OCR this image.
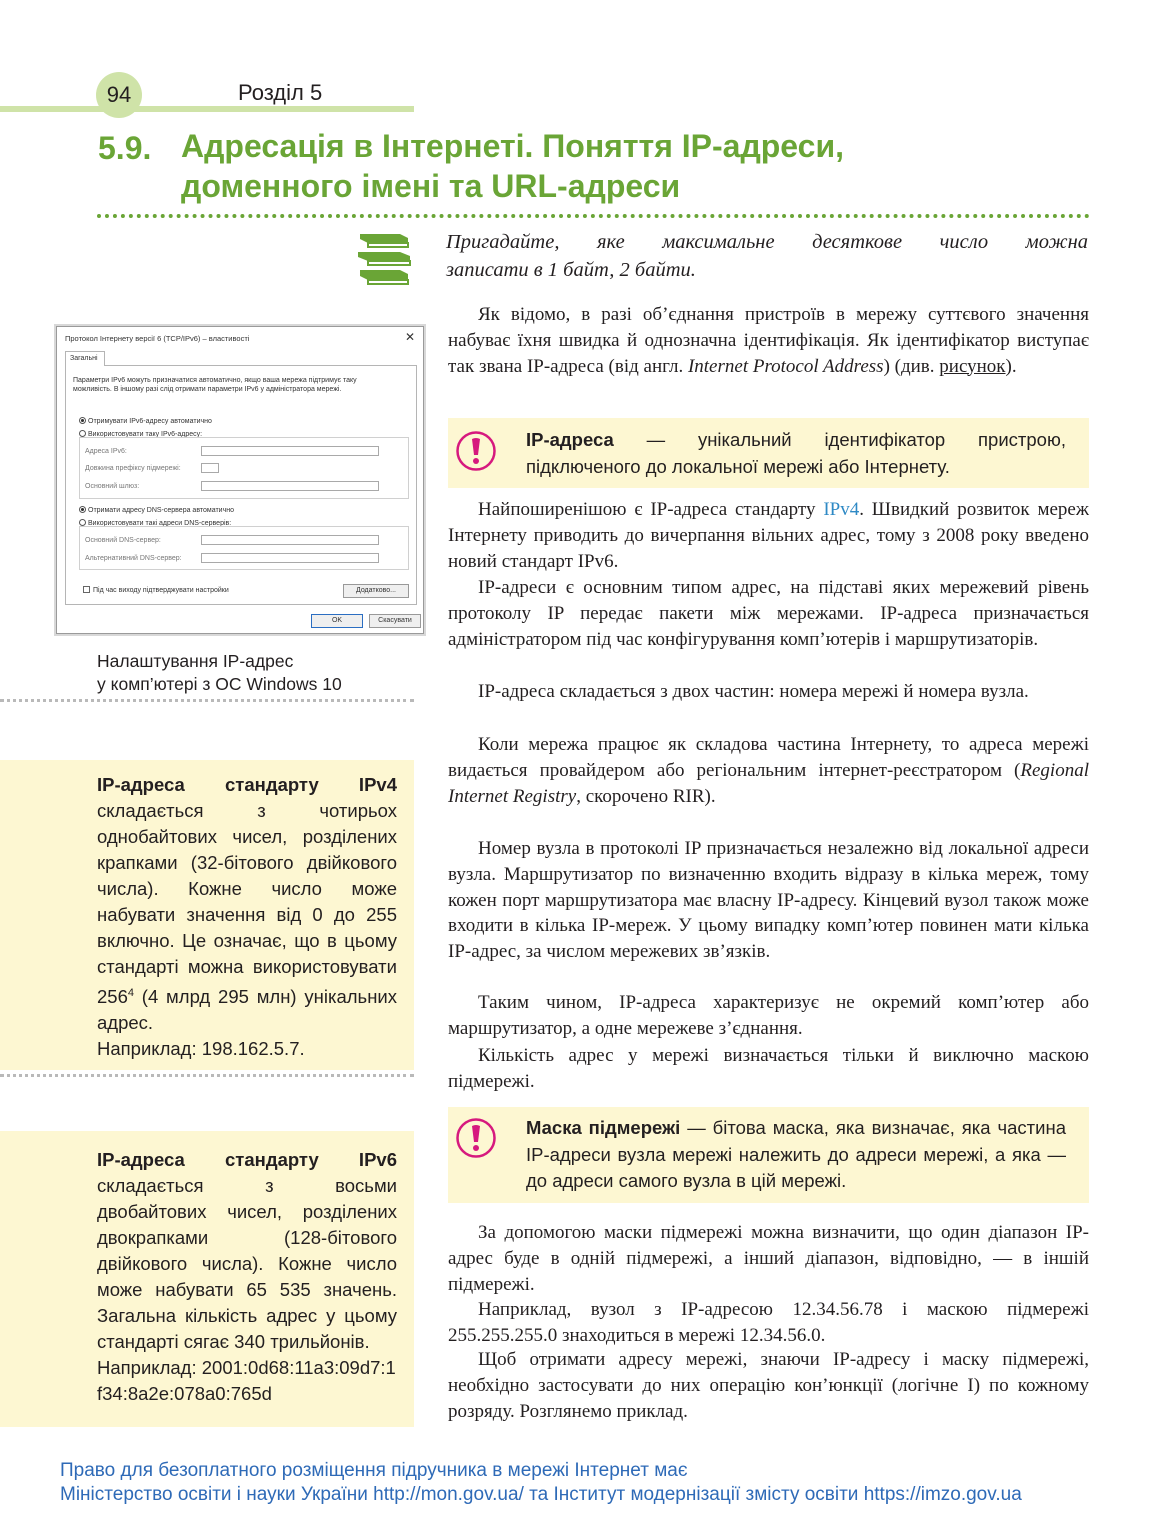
94	Розділ 5
5.9. Адресація в Інтернеті. Поняття IP-адреси,
доменного імені та URL-адреси
Пригадайте, яке максимальне десяткове число можна

записати в 1 байт, 2 байти.
Протокол Інтернету версії 6 (TCP/IPv6) – властивості	✕
Загальні
Параметри IPv6 можуть призначатися автоматично, якщо ваша мережа підтримує таку можливість. В іншому разі слід отримати параметри IPv6 у адміністратора мережі.
Отримувати IPv6-адресу автоматично
Використовувати таку IPv6-адресу:
Адреса IPv6:
Довжина префіксу підмережі:
Основний шлюз:
Отримати адресу DNS-сервера автоматично
Використовувати такі адреси DNS-серверів:
Основний DNS-сервер:
Альтернативний DNS-сервер:
Під час виходу підтверджувати настройки	Додатково...
OK	Скасувати
Налаштування IP-адрес
у комп’ютері з ОС Windows 10
IP-адреса стандарту IPv4 складається з чотирьох однобайтових чисел, розділених крапками (32-бітового двійкового числа). Кожне число може набувати значення від 0 до 255 включно. Це означає, що в цьому стандарті можна використовувати $256^4$ (4 млрд 295 млн) унікальних адрес.
Наприклад: 198.162.5.7.
IP-адреса стандарту IPv6 складається з восьми двобайтових чисел, розділених двокрапками (128-бітового двійкового числа). Кожне число може набувати 65 535 значень. Загальна кількість адрес у цьому стандарті сягає 340 трильйонів.

Наприклад: 2001:0d68:11a3:09d7:1f34:8a2e:078a0:765d
Як відомо, в разі об’єднання пристроїв в мережу суттєвого значення набуває їхня швидка й однозначна ідентифікація. Як ідентифікатор виступає так звана IP-адреса (від англ. Internet Protocol Address) (див. рисунок).
IP-адреса — унікальний ідентифікатор пристрою, підключеного до локальної мережі або Інтернету.
Найпоширенішою є IP-адреса стандарту IPv4. Швидкий розвиток мереж Інтернету приводить до вичерпання вільних адрес, тому з 2008 року введено новий стандарт IPv6.
IP-адреси є основним типом адрес, на підставі яких мережевий рівень протоколу IP передає пакети між мережами. IP-адреса призначається адміністратором під час конфігурування комп’ютерів і маршрутизаторів.
IP-адреса складається з двох частин: номера мережі й номера вузла.
Коли мережа працює як складова частина Інтернету, то адреса мережі видається провайдером або регіональним інтернет-реєстратором (Regional Internet Registry, скорочено RIR).
Номер вузла в протоколі IP призначається незалежно від локальної адреси вузла. Маршрутизатор по визначенню входить відразу в кілька мереж, тому кожен порт маршрутизатора має власну IP-адресу. Кінцевий вузол також може входити в кілька IP-мереж. У цьому випадку комп’ютер повинен мати кілька IP-адрес, за числом мережевих зв’язків.
Таким чином, IP-адреса характеризує не окремий комп’ютер або маршрутизатор, а одне мережеве з’єднання.
Кількість адрес у мережі визначається тільки й виключно маскою підмережі.
Маска підмережі — бітова маска, яка визначає, яка частина IP-адреси вузла мережі належить до адреси мережі, а яка — до адреси самого вузла в цій мережі.
За допомогою маски підмережі можна визначити, що один діапазон IP-адрес буде в одній підмережі, а інший діапазон, відповідно, — в іншій підмережі.
Наприклад, вузол з IP-адресою 12.34.56.78 і маскою підмережі 255.255.255.0 знаходиться в мережі 12.34.56.0.
Щоб отримати адресу мережі, знаючи IP-адресу і маску підмережі, необхідно застосувати до них операцію кон’юнкції (логічне І) по кожному розряду. Розглянемо приклад.
Право для безоплатного розміщення підручника в мережі Інтернет має
Міністерство освіти і науки України http://mon.gov.ua/ та Інститут модернізації змісту освіти https://imzo.gov.ua
